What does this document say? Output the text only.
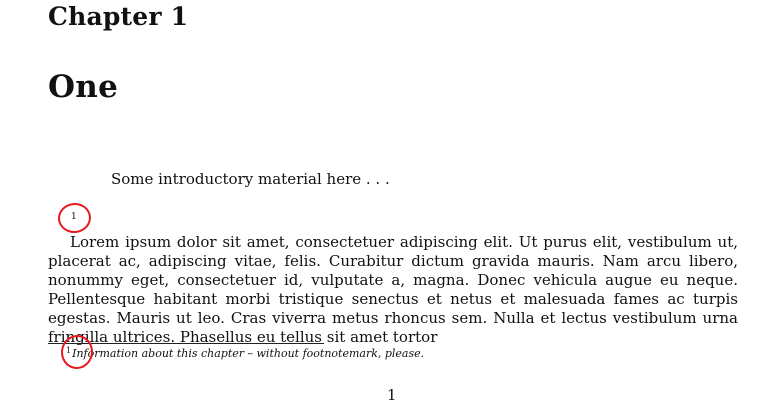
Chapter 1
One
Some introductory material here . . .
1
Lorem ipsum dolor sit amet, consectetuer adipiscing elit. Ut purus elit, vestibulum ut, placerat ac, adipiscing vitae, felis. Curabitur dictum gravida mauris. Nam arcu libero, nonummy eget, consectetuer id, vulputate a, magna. Donec vehicula augue eu neque. Pellentesque habitant morbi tristique senectus et netus et malesuada fames ac turpis egestas. Mauris ut leo. Cras viverra metus rhoncus sem. Nulla et lectus vestibulum urna fringilla ultrices. Phasellus eu tellus sit amet tortor
$^1$Information about this chapter – without footnotemark, please.
1
